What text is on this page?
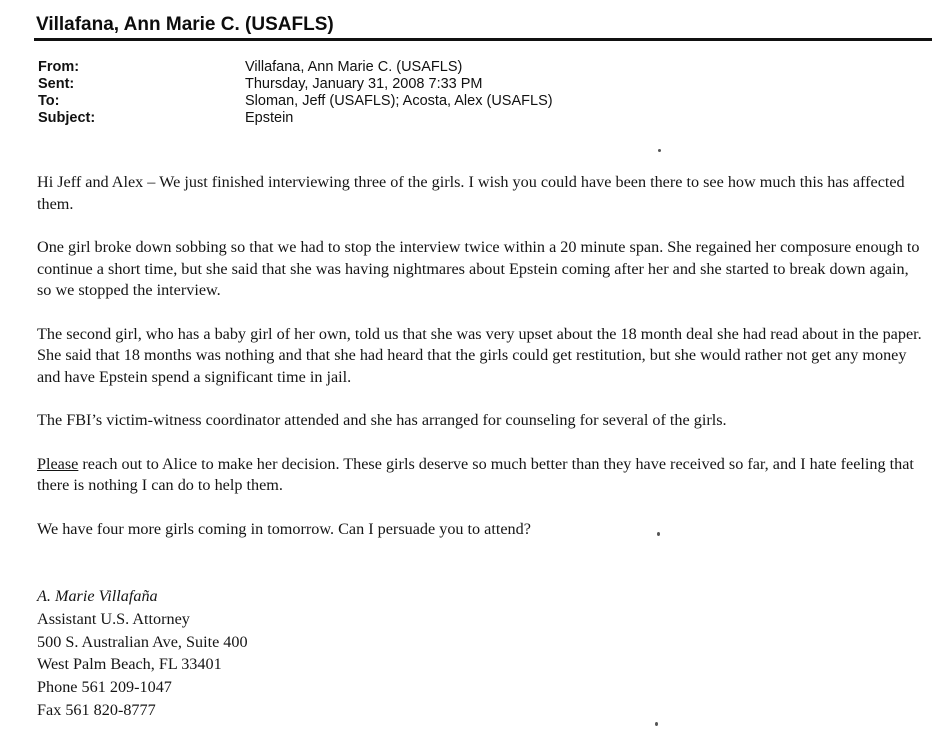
Villafana, Ann Marie C. (USAFLS)
From:	Villafana, Ann Marie C. (USAFLS)
Sent:	Thursday, January 31, 2008 7:33 PM
To:	Sloman, Jeff (USAFLS); Acosta, Alex (USAFLS)
Subject:	Epstein

Hi Jeff and Alex – We just finished interviewing three of the girls. I wish you could have been there to see how much this has affected them.

One girl broke down sobbing so that we had to stop the interview twice within a 20 minute span. She regained her composure enough to continue a short time, but she said that she was having nightmares about Epstein coming after her and she started to break down again, so we stopped the interview.

The second girl, who has a baby girl of her own, told us that she was very upset about the 18 month deal she had read about in the paper. She said that 18 months was nothing and that she had heard that the girls could get restitution, but she would rather not get any money and have Epstein spend a significant time in jail.

The FBI’s victim-witness coordinator attended and she has arranged for counseling for several of the girls.

Please reach out to Alice to make her decision. These girls deserve so much better than they have received so far, and I hate feeling that there is nothing I can do to help them.

We have four more girls coming in tomorrow. Can I persuade you to attend?

A. Marie Villafaña
Assistant U.S. Attorney
500 S. Australian Ave, Suite 400
West Palm Beach, FL 33401
Phone 561 209-1047
Fax 561 820-8777
